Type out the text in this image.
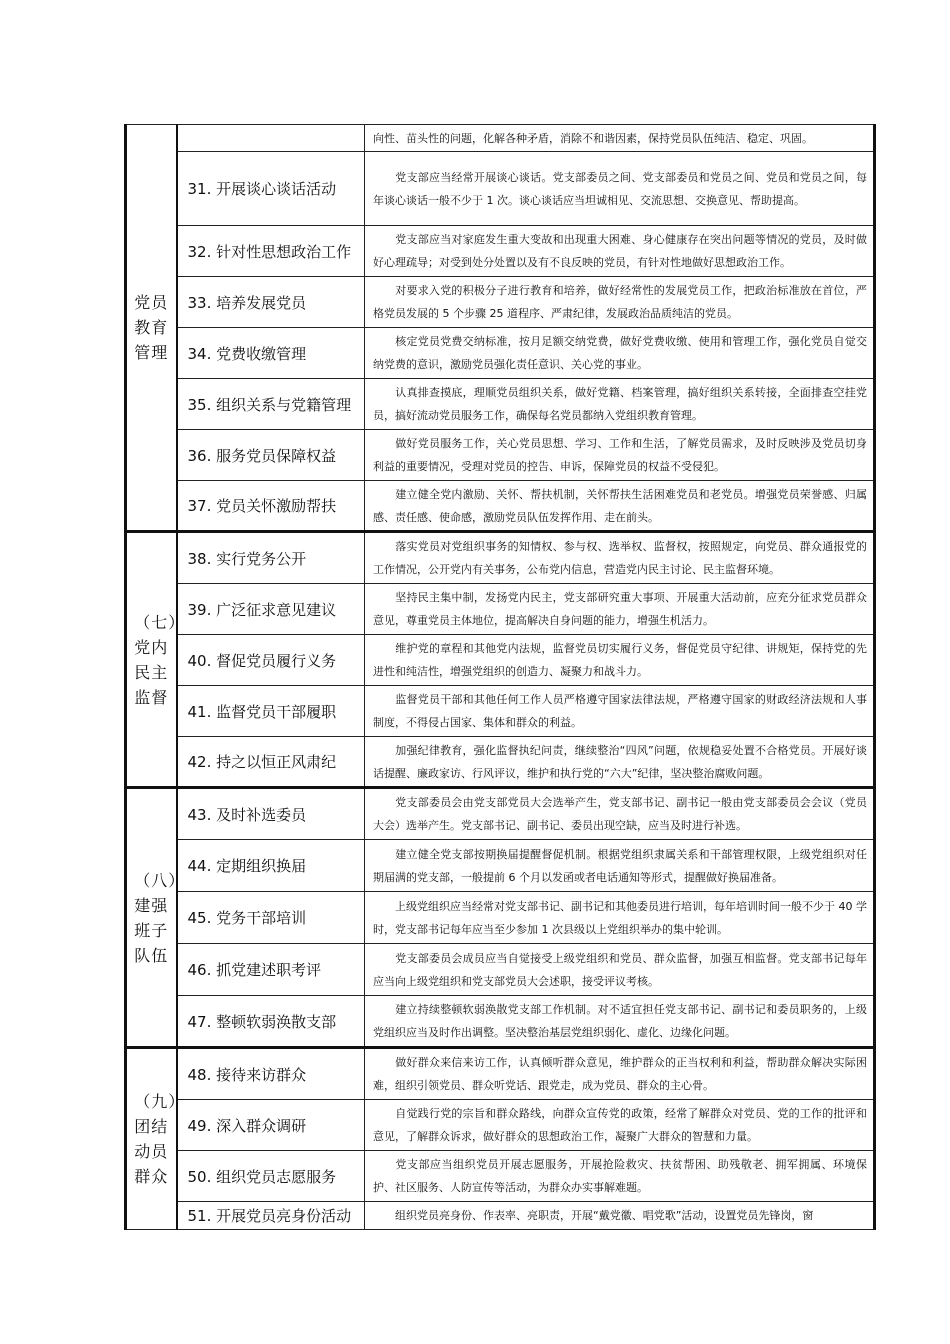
党员教育管理		向性、苗头性的问题，化解各种矛盾，消除不和谐因素，保持党员队伍纯洁、稳定、巩固。
	31. 开展谈心谈话活动	党支部应当经常开展谈心谈话。党支部委员之间、党支部委员和党员之间、党员和党员之间，每年谈心谈话一般不少于 1 次。谈心谈话应当坦诚相见、交流思想、交换意见、帮助提高。
	32. 针对性思想政治工作	党支部应当对家庭发生重大变故和出现重大困难、身心健康存在突出问题等情况的党员，及时做好心理疏导；对受到处分处置以及有不良反映的党员，有针对性地做好思想政治工作。
	33. 培养发展党员	对要求入党的积极分子进行教育和培养，做好经常性的发展党员工作，把政治标准放在首位，严格党员发展的 5 个步骤 25 道程序、严肃纪律，发展政治品质纯洁的党员。
	34. 党费收缴管理	核定党员党费交纳标准，按月足额交纳党费，做好党费收缴、使用和管理工作，强化党员自觉交纳党费的意识，激励党员强化责任意识、关心党的事业。
	35. 组织关系与党籍管理	认真排查摸底，理顺党员组织关系，做好党籍、档案管理，搞好组织关系转接，全面排查空挂党员，搞好流动党员服务工作，确保每名党员都纳入党组织教育管理。
	36. 服务党员保障权益	做好党员服务工作，关心党员思想、学习、工作和生活，了解党员需求，及时反映涉及党员切身利益的重要情况，受理对党员的控告、申诉，保障党员的权益不受侵犯。
	37. 党员关怀激励帮扶	建立健全党内激励、关怀、帮扶机制，关怀帮扶生活困难党员和老党员。增强党员荣誉感、归属感、责任感、使命感，激励党员队伍发挥作用、走在前头。
（七）党内民主监督	38. 实行党务公开	落实党员对党组织事务的知情权、参与权、选举权、监督权，按照规定，向党员、群众通报党的工作情况，公开党内有关事务，公布党内信息，营造党内民主讨论、民主监督环境。
	39. 广泛征求意见建议	坚持民主集中制，发扬党内民主，党支部研究重大事项、开展重大活动前，应充分征求党员群众意见，尊重党员主体地位，提高解决自身问题的能力，增强生机活力。
	40. 督促党员履行义务	维护党的章程和其他党内法规，监督党员切实履行义务，督促党员守纪律、讲规矩，保持党的先进性和纯洁性，增强党组织的创造力、凝聚力和战斗力。
	41. 监督党员干部履职	监督党员干部和其他任何工作人员严格遵守国家法律法规，严格遵守国家的财政经济法规和人事制度，不得侵占国家、集体和群众的利益。
	42. 持之以恒正风肃纪	加强纪律教育，强化监督执纪问责，继续整治“四风”问题，依规稳妥处置不合格党员。开展好谈话提醒、廉政家访、行风评议，维护和执行党的“六大”纪律，坚决整治腐败问题。
（八）建强班子队伍	43. 及时补选委员	党支部委员会由党支部党员大会选举产生，党支部书记、副书记一般由党支部委员会会议（党员大会）选举产生。党支部书记、副书记、委员出现空缺，应当及时进行补选。
	44. 定期组织换届	建立健全党支部按期换届提醒督促机制。根据党组织隶属关系和干部管理权限，上级党组织对任期届满的党支部，一般提前 6 个月以发函或者电话通知等形式，提醒做好换届准备。
	45. 党务干部培训	上级党组织应当经常对党支部书记、副书记和其他委员进行培训，每年培训时间一般不少于 40 学时，党支部书记每年应当至少参加 1 次县级以上党组织举办的集中轮训。
	46. 抓党建述职考评	党支部委员会成员应当自觉接受上级党组织和党员、群众监督，加强互相监督。党支部书记每年应当向上级党组织和党支部党员大会述职，接受评议考核。
	47. 整顿软弱涣散支部	建立持续整顿软弱涣散党支部工作机制。对不适宜担任党支部书记、副书记和委员职务的，上级党组织应当及时作出调整。坚决整治基层党组织弱化、虚化、边缘化问题。
（九）团结动员群众	48. 接待来访群众	做好群众来信来访工作，认真倾听群众意见，维护群众的正当权利和利益，帮助群众解决实际困难，组织引领党员、群众听党话、跟党走，成为党员、群众的主心骨。
	49. 深入群众调研	自觉践行党的宗旨和群众路线，向群众宣传党的政策，经常了解群众对党员、党的工作的批评和意见，了解群众诉求，做好群众的思想政治工作，凝聚广大群众的智慧和力量。
	50. 组织党员志愿服务	党支部应当组织党员开展志愿服务，开展抢险救灾、扶贫帮困、助残敬老、拥军拥属、环境保护、社区服务、人防宣传等活动，为群众办实事解难题。
	51. 开展党员亮身份活动	组织党员亮身份、作表率、亮职责，开展“戴党徽、唱党歌”活动，设置党员先锋岗，窗
